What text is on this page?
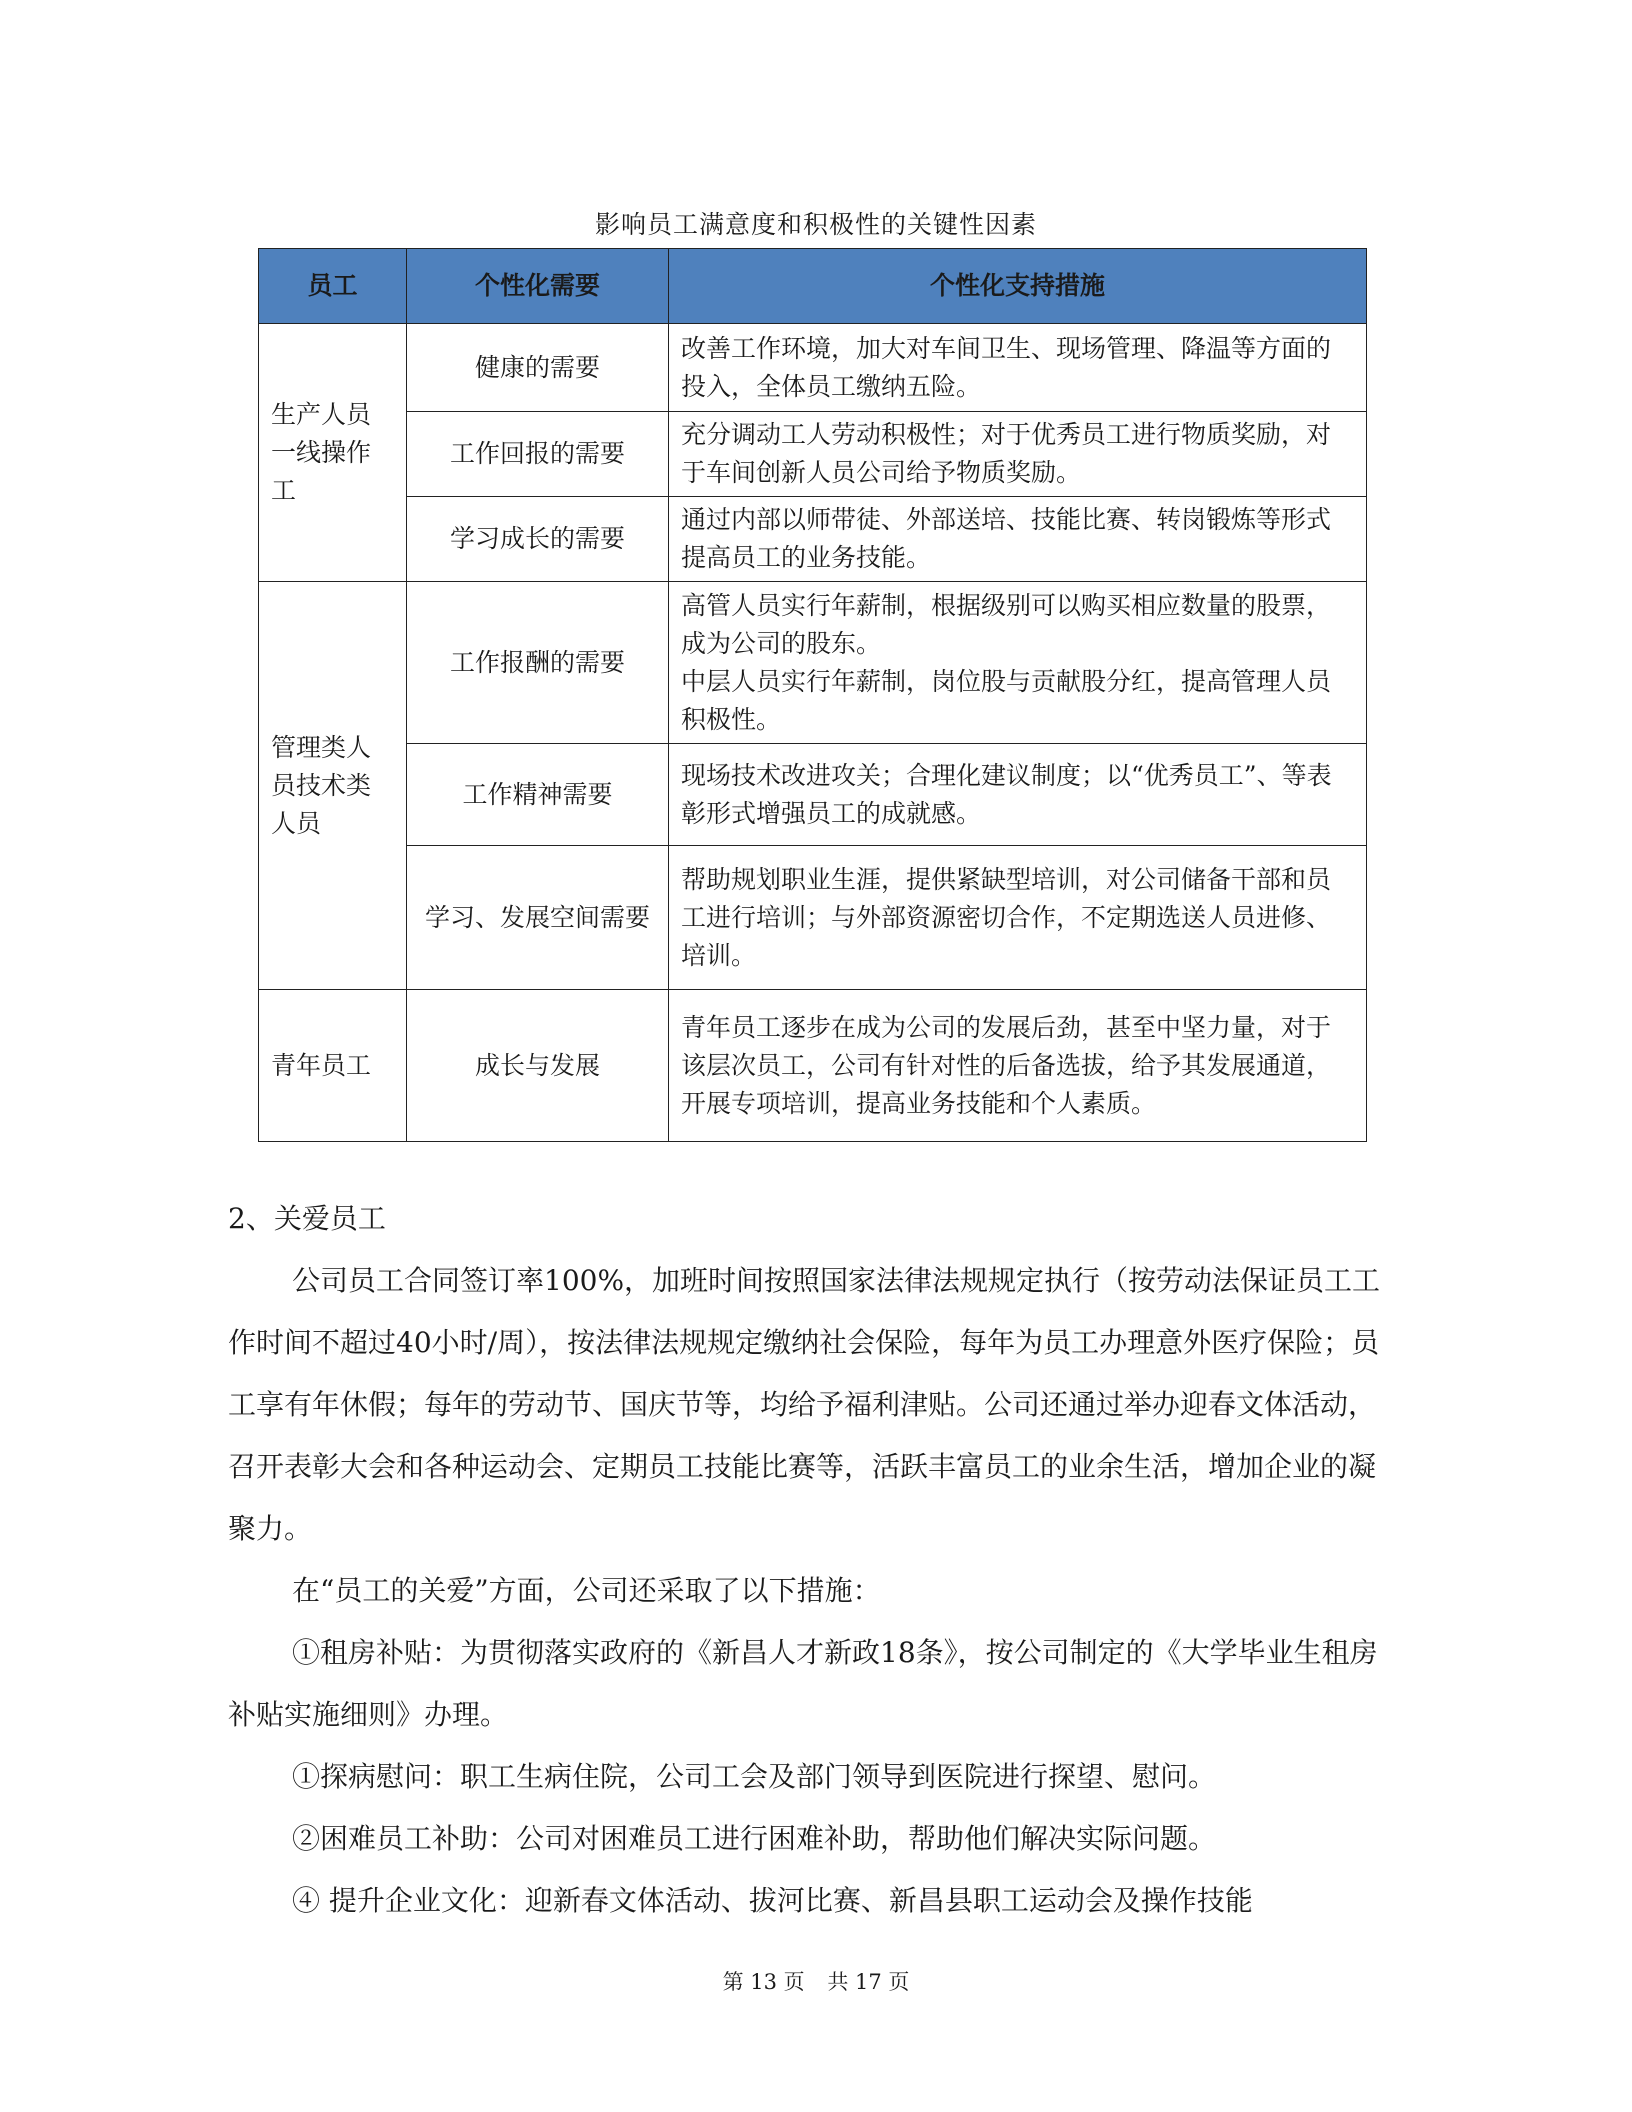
影响员工满意度和积极性的关键性因素
员工	个性化需要	个性化支持措施
生产人员一线操作工	健康的需要	改善工作环境，加大对车间卫生、现场管理、降温等方面的投入，全体员工缴纳五险。
	工作回报的需要	充分调动工人劳动积极性；对于优秀员工进行物质奖励，对于车间创新人员公司给予物质奖励。
	学习成长的需要	通过内部以师带徒、外部送培、技能比赛、转岗锻炼等形式提高员工的业务技能。
管理类人员技术类人员	工作报酬的需要	高管人员实行年薪制，根据级别可以购买相应数量的股票，成为公司的股东。
中层人员实行年薪制，岗位股与贡献股分红，提高管理人员积极性。

	工作精神需要	现场技术改进攻关；合理化建议制度；以“优秀员工”、等表彰形式增强员工的成就感。
	学习、发展空间需要	帮助规划职业生涯，提供紧缺型培训，对公司储备干部和员工进行培训；与外部资源密切合作，不定期选送人员进修、培训。
青年员工	成长与发展	青年员工逐步在成为公司的发展后劲，甚至中坚力量，对于该层次员工，公司有针对性的后备选拔，给予其发展通道，开展专项培训，提高业务技能和个人素质。

2、关爱员工

公司员工合同签订率100%，加班时间按照国家法律法规规定执行（按劳动法保证员工工作时间不超过40小时/周），按法律法规规定缴纳社会保险，每年为员工办理意外医疗保险；员工享有年休假；每年的劳动节、国庆节等，均给予福利津贴。公司还通过举办迎春文体活动，召开表彰大会和各种运动会、定期员工技能比赛等，活跃丰富员工的业余生活，增加企业的凝聚力。

在“员工的关爱”方面，公司还采取了以下措施：

①租房补贴：为贯彻落实政府的《新昌人才新政18条》，按公司制定的《大学毕业生租房补贴实施细则》办理。

①探病慰问：职工生病住院，公司工会及部门领导到医院进行探望、慰问。

②困难员工补助：公司对困难员工进行困难补助，帮助他们解决实际问题。

④ 提升企业文化：迎新春文体活动、拔河比赛、新昌县职工运动会及操作技能

第 13 页 共 17 页
